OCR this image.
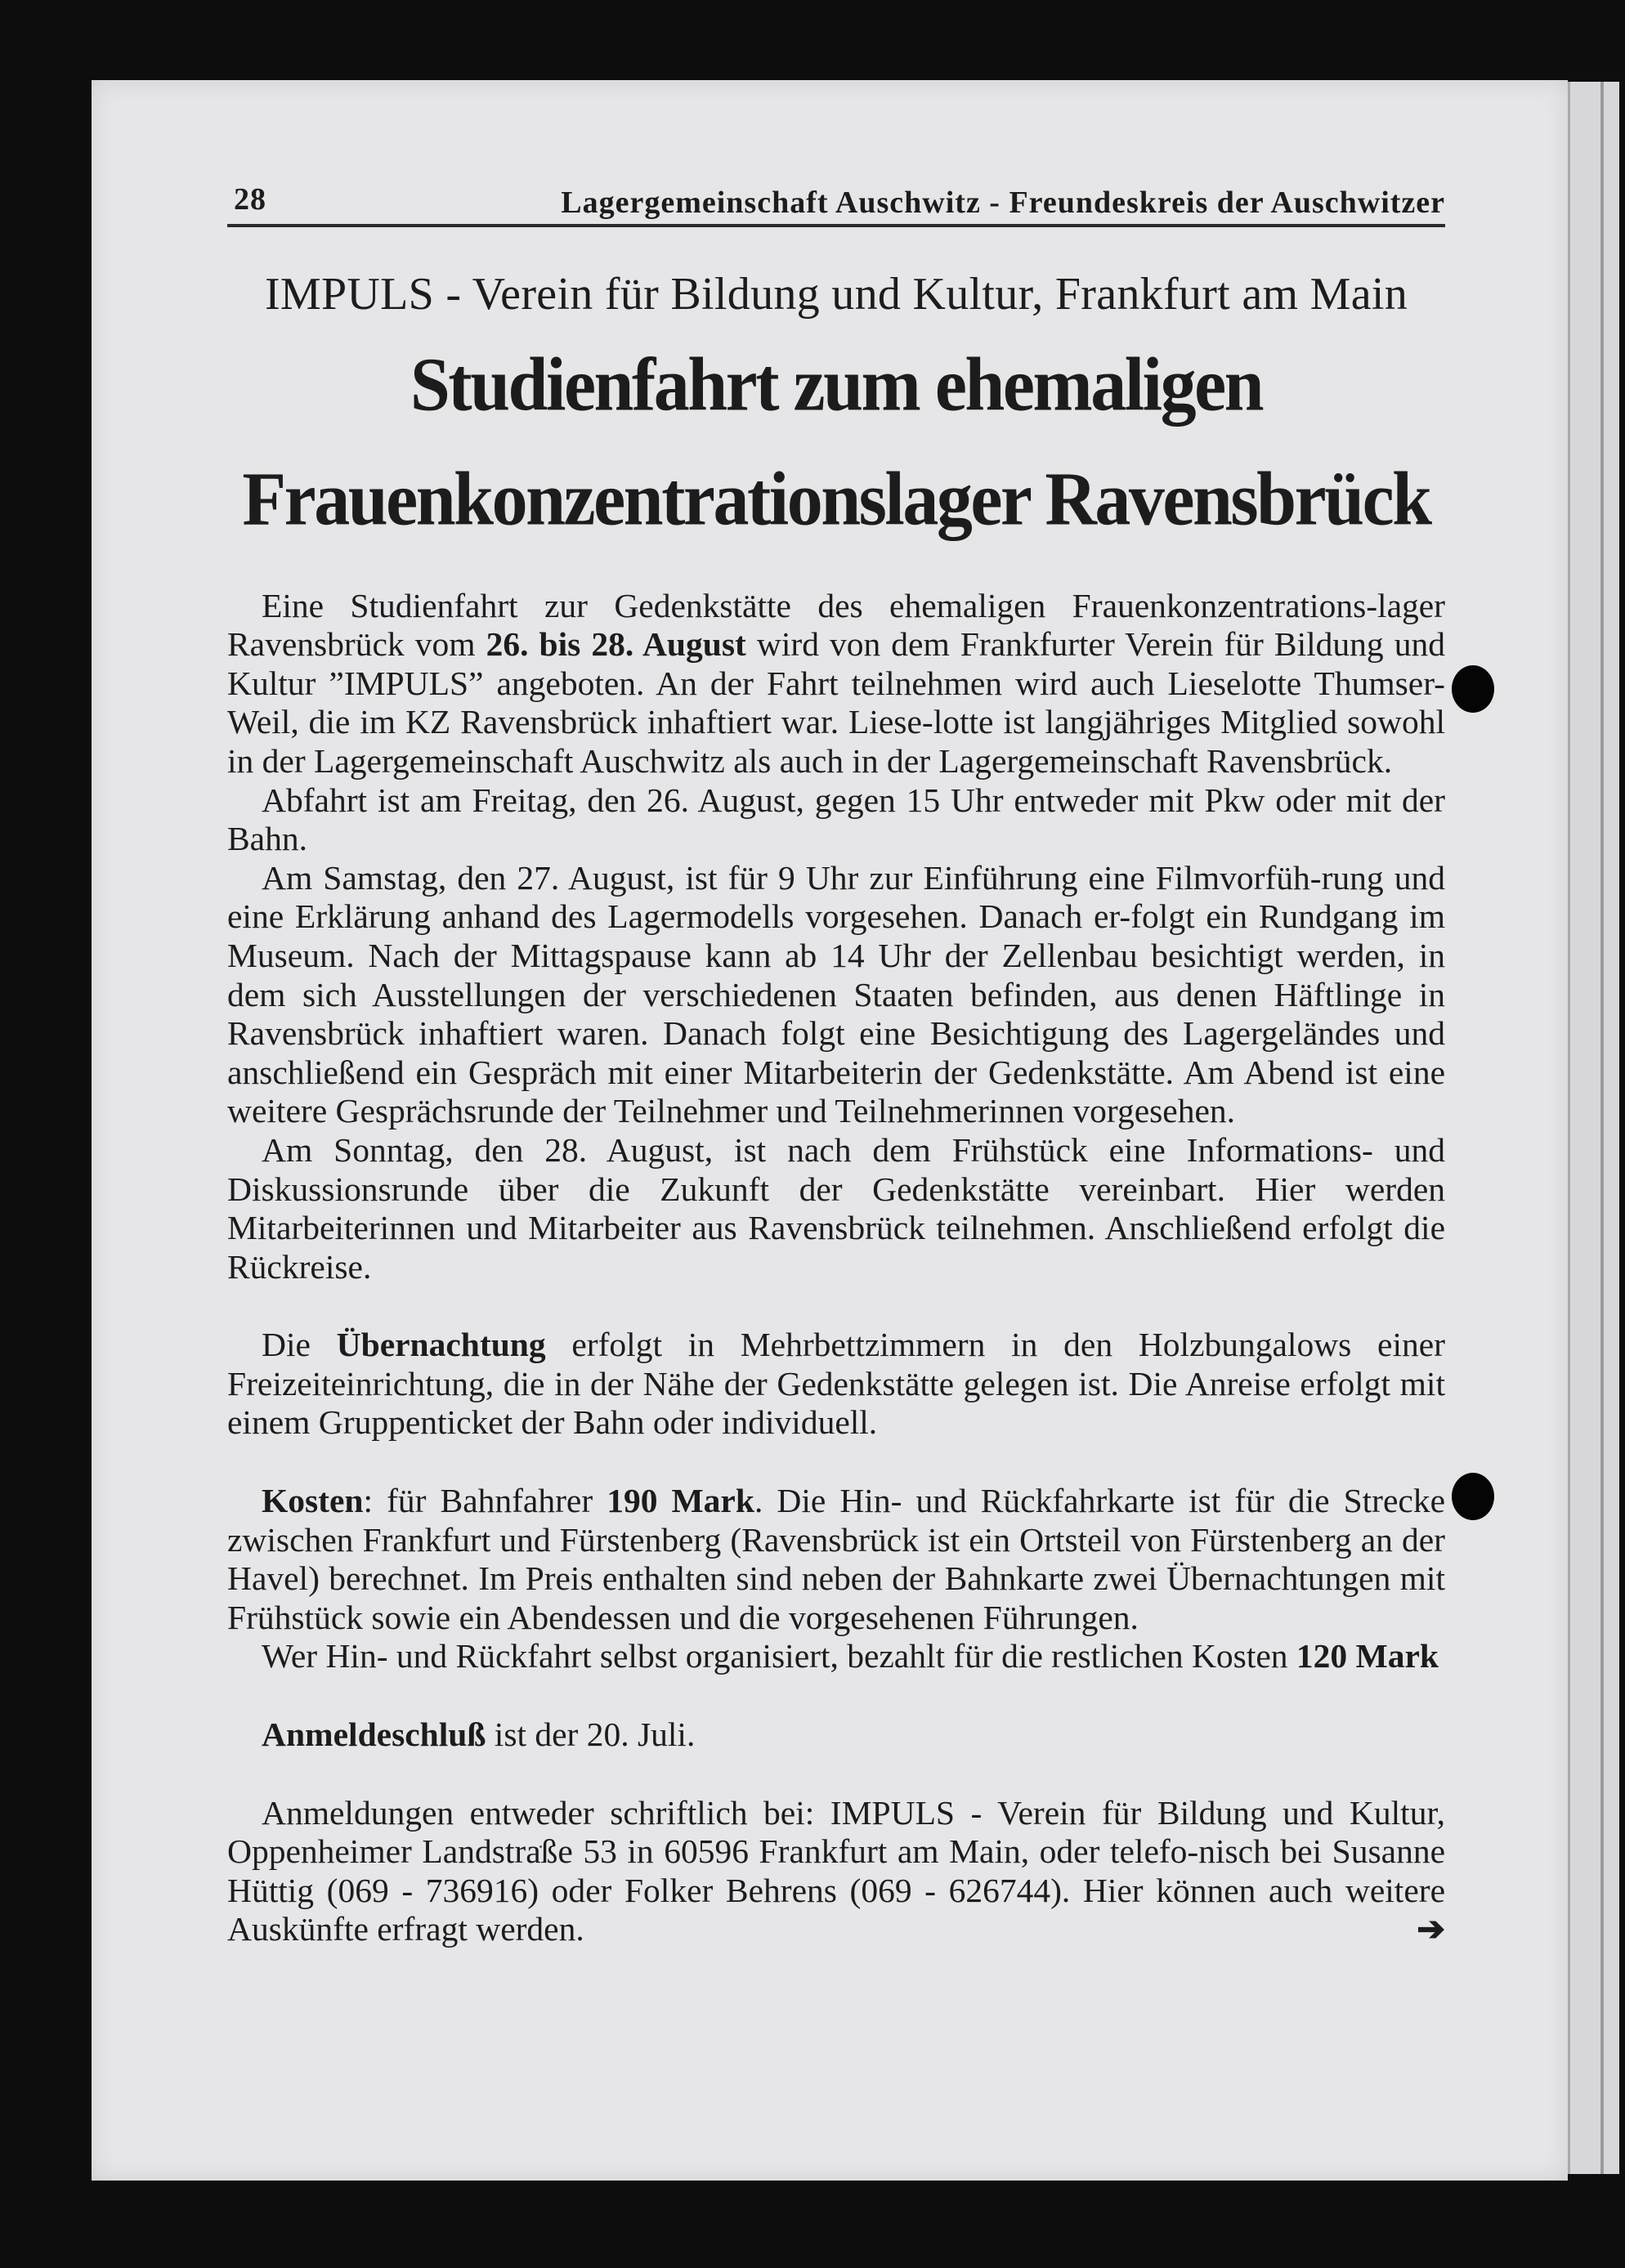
28	Lagergemeinschaft Auschwitz - Freundeskreis der Auschwitzer
IMPULS - Verein für Bildung und Kultur, Frankfurt am Main
Studienfahrt zum ehemaligen
Frauenkonzentrationslager Ravensbrück

Eine Studienfahrt zur Gedenkstätte des ehemaligen Frauenkonzentrations-lager Ravensbrück vom 26. bis 28. August wird von dem Frankfurter Verein für Bildung und Kultur ”IMPULS” angeboten. An der Fahrt teilnehmen wird auch Lieselotte Thumser-Weil, die im KZ Ravensbrück inhaftiert war. Liese-lotte ist langjähriges Mitglied sowohl in der Lagergemeinschaft Auschwitz als auch in der Lagergemeinschaft Ravensbrück.

Abfahrt ist am Freitag, den 26. August, gegen 15 Uhr entweder mit Pkw oder mit der Bahn.

Am Samstag, den 27. August, ist für 9 Uhr zur Einführung eine Filmvorfüh-rung und eine Erklärung anhand des Lagermodells vorgesehen. Danach er-folgt ein Rundgang im Museum. Nach der Mittagspause kann ab 14 Uhr der Zellenbau besichtigt werden, in dem sich Ausstellungen der verschiedenen Staaten befinden, aus denen Häftlinge in Ravensbrück inhaftiert waren. Danach folgt eine Besichtigung des Lagergeländes und anschließend ein Gespräch mit einer Mitarbeiterin der Gedenkstätte. Am Abend ist eine weitere Gesprächsrunde der Teilnehmer und Teilnehmerinnen vorgesehen.

Am Sonntag, den 28. August, ist nach dem Frühstück eine Informations- und Diskussionsrunde über die Zukunft der Gedenkstätte vereinbart. Hier werden Mitarbeiterinnen und Mitarbeiter aus Ravensbrück teilnehmen. Anschließend erfolgt die Rückreise.

Die Übernachtung erfolgt in Mehrbettzimmern in den Holzbungalows einer Freizeiteinrichtung, die in der Nähe der Gedenkstätte gelegen ist. Die Anreise erfolgt mit einem Gruppenticket der Bahn oder individuell.

Kosten: für Bahnfahrer 190 Mark. Die Hin- und Rückfahrkarte ist für die Strecke zwischen Frankfurt und Fürstenberg (Ravensbrück ist ein Ortsteil von Fürstenberg an der Havel) berechnet. Im Preis enthalten sind neben der Bahnkarte zwei Übernachtungen mit Frühstück sowie ein Abendessen und die vorgesehenen Führungen.

Wer Hin- und Rückfahrt selbst organisiert, bezahlt für die restlichen Kosten 120 Mark

Anmeldeschluß ist der 20. Juli.

Anmeldungen entweder schriftlich bei: IMPULS - Verein für Bildung und Kultur, Oppenheimer Landstraße 53 in 60596 Frankfurt am Main, oder telefo-nisch bei Susanne Hüttig (069 - 736916) oder Folker Behrens (069 - 626744). Hier können auch weitere Auskünfte erfragt werden.	➔
